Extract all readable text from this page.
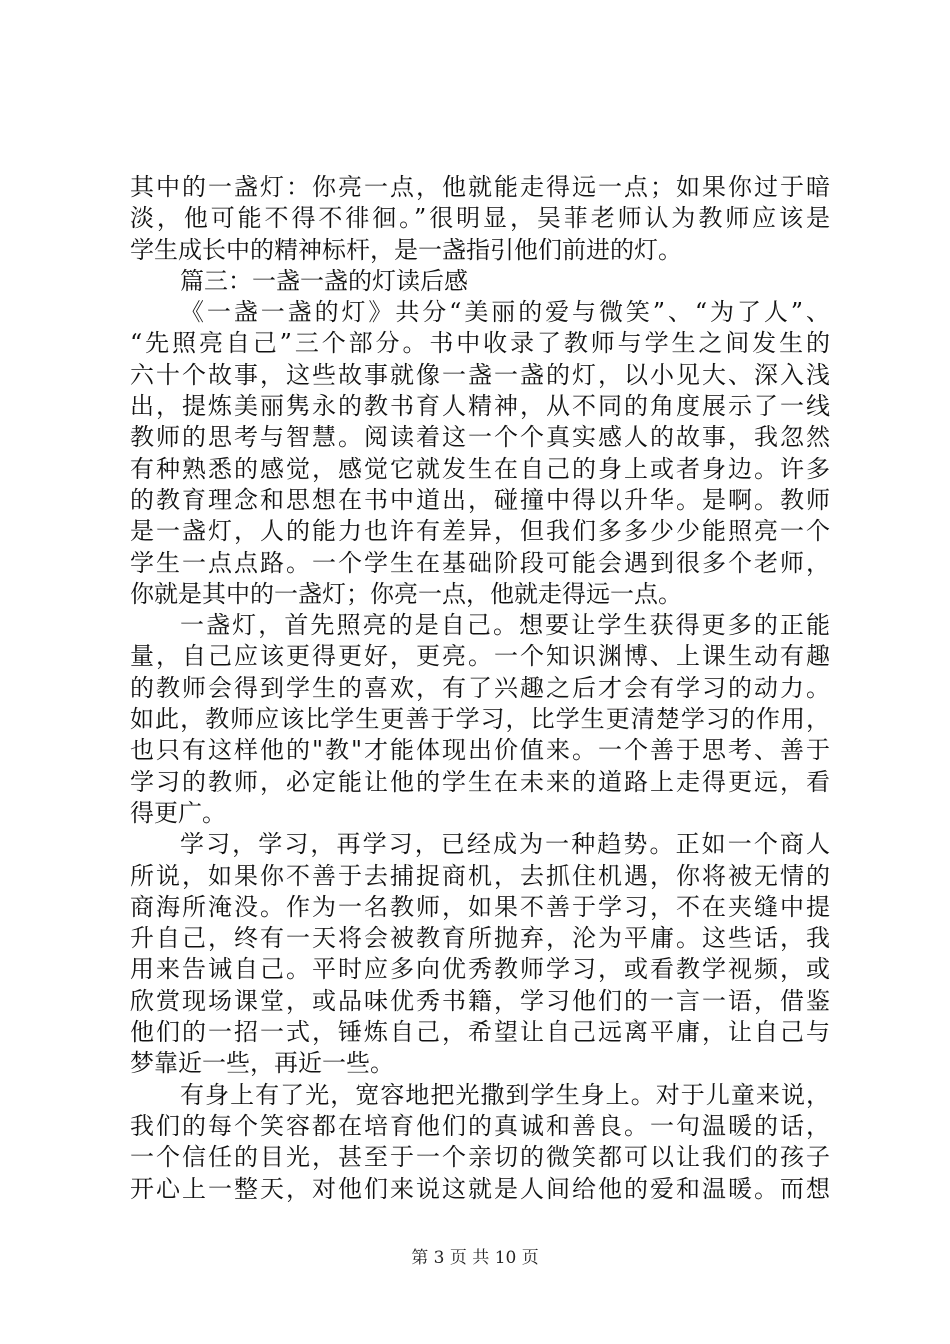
其中的一盏灯：你亮一点，他就能走得远一点；如果你过于暗
淡，他可能不得不徘徊。”很明显，吴菲老师认为教师应该是
学生成长中的精神标杆，是一盏指引他们前进的灯。
篇三：一盏一盏的灯读后感
《一盏一盏的灯》共分“美丽的爱与微笑”、“为了人”、
“先照亮自己”三个部分。书中收录了教师与学生之间发生的
六十个故事，这些故事就像一盏一盏的灯，以小见大、深入浅
出，提炼美丽隽永的教书育人精神，从不同的角度展示了一线
教师的思考与智慧。阅读着这一个个真实感人的故事，我忽然
有种熟悉的感觉，感觉它就发生在自己的身上或者身边。许多
的教育理念和思想在书中道出，碰撞中得以升华。是啊。教师
是一盏灯，人的能力也许有差异，但我们多多少少能照亮一个
学生一点点路。一个学生在基础阶段可能会遇到很多个老师，
你就是其中的一盏灯；你亮一点，他就走得远一点。
一盏灯，首先照亮的是自己。想要让学生获得更多的正能
量，自己应该更得更好，更亮。一个知识渊博、上课生动有趣
的教师会得到学生的喜欢，有了兴趣之后才会有学习的动力。
如此，教师应该比学生更善于学习，比学生更清楚学习的作用，
也只有这样他的"教"才能体现出价值来。一个善于思考、善于
学习的教师，必定能让他的学生在未来的道路上走得更远，看
得更广。
学习，学习，再学习，已经成为一种趋势。正如一个商人
所说，如果你不善于去捕捉商机，去抓住机遇，你将被无情的
商海所淹没。作为一名教师，如果不善于学习，不在夹缝中提
升自己，终有一天将会被教育所抛弃，沦为平庸。这些话，我
用来告诫自己。平时应多向优秀教师学习，或看教学视频，或
欣赏现场课堂，或品味优秀书籍，学习他们的一言一语，借鉴
他们的一招一式，锤炼自己，希望让自己远离平庸，让自己与
梦靠近一些，再近一些。
有身上有了光，宽容地把光撒到学生身上。对于儿童来说，
我们的每个笑容都在培育他们的真诚和善良。一句温暖的话，
一个信任的目光，甚至于一个亲切的微笑都可以让我们的孩子
开心上一整天，对他们来说这就是人间给他的爱和温暖。而想
第 3 页 共 10 页
